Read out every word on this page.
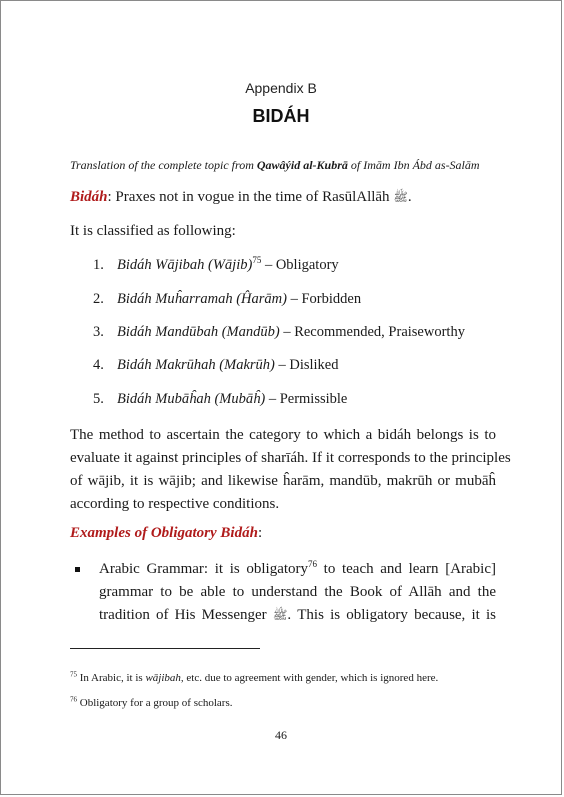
Appendix B
BIDÁH
Translation of the complete topic from Qawâýid al-Kubrā of Imām Ibn Ábd as-Salām
Bidáh: Praxes not in vogue in the time of RasūlAllāh ﷺ.
It is classified as following:
1. Bidáh Wājibah (Wājib)$^{75}$ – Obligatory
2. Bidáh Muĥarramah (Ĥarām) – Forbidden
3. Bidáh Mandūbah (Mandūb) – Recommended, Praiseworthy
4. Bidáh Makrūhah (Makrūh) – Disliked
5. Bidáh Mubāĥah (Mubāĥ) – Permissible
The method to ascertain the category to which a bidáh belongs is to
evaluate it against principles of sharīáh. If it corresponds to the principles
of wājib, it is wājib; and likewise ĥarām, mandūb, makrūh or mubāĥ
according to respective conditions.
Examples of Obligatory Bidáh:
Arabic Grammar: it is obligatory$^{76}$ to teach and learn [Arabic]
grammar to be able to understand the Book of Allāh and the
tradition of His Messenger ﷺ. This is obligatory because, it is
$^{75}$ In Arabic, it is wājibah, etc. due to agreement with gender, which is ignored here.
$^{76}$ Obligatory for a group of scholars.
46
